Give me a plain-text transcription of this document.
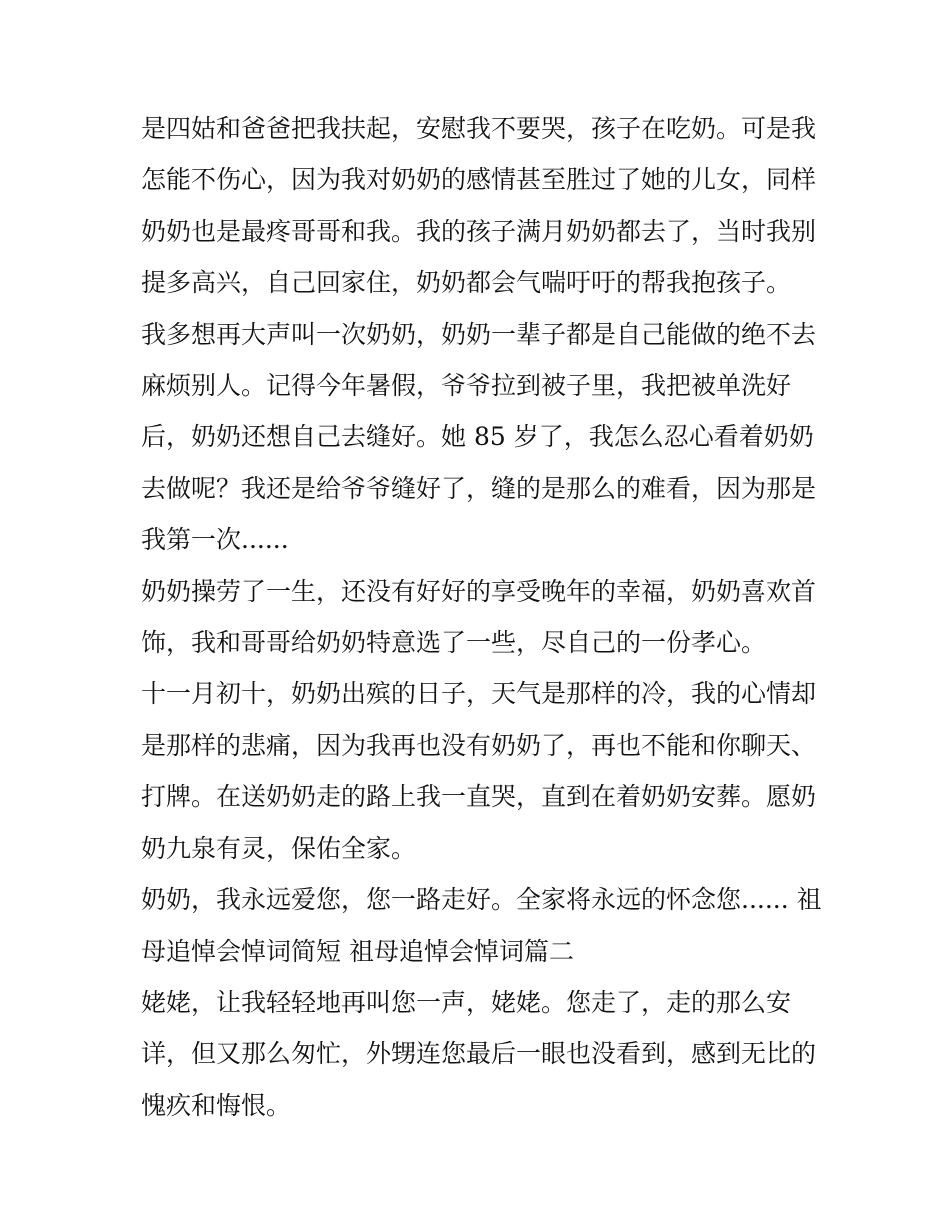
是四姑和爸爸把我扶起，安慰我不要哭，孩子在吃奶。可是我
怎能不伤心，因为我对奶奶的感情甚至胜过了她的儿女，同样
奶奶也是最疼哥哥和我。我的孩子满月奶奶都去了，当时我别
提多高兴，自己回家住，奶奶都会气喘吁吁的帮我抱孩子。

我多想再大声叫一次奶奶，奶奶一辈子都是自己能做的绝不去
麻烦别人。记得今年暑假，爷爷拉到被子里，我把被单洗好
后，奶奶还想自己去缝好。她 85 岁了，我怎么忍心看着奶奶
去做呢？我还是给爷爷缝好了，缝的是那么的难看，因为那是
我第一次......

奶奶操劳了一生，还没有好好的享受晚年的幸福，奶奶喜欢首
饰，我和哥哥给奶奶特意选了一些，尽自己的一份孝心。

十一月初十，奶奶出殡的日子，天气是那样的冷，我的心情却
是那样的悲痛，因为我再也没有奶奶了，再也不能和你聊天、
打牌。在送奶奶走的路上我一直哭，直到在着奶奶安葬。愿奶
奶九泉有灵，保佑全家。

奶奶，我永远爱您，您一路走好。全家将永远的怀念您...... 祖
母追悼会悼词简短 祖母追悼会悼词篇二

姥姥，让我轻轻地再叫您一声，姥姥。您走了，走的那么安
详，但又那么匆忙，外甥连您最后一眼也没看到，感到无比的
愧疚和悔恨。
